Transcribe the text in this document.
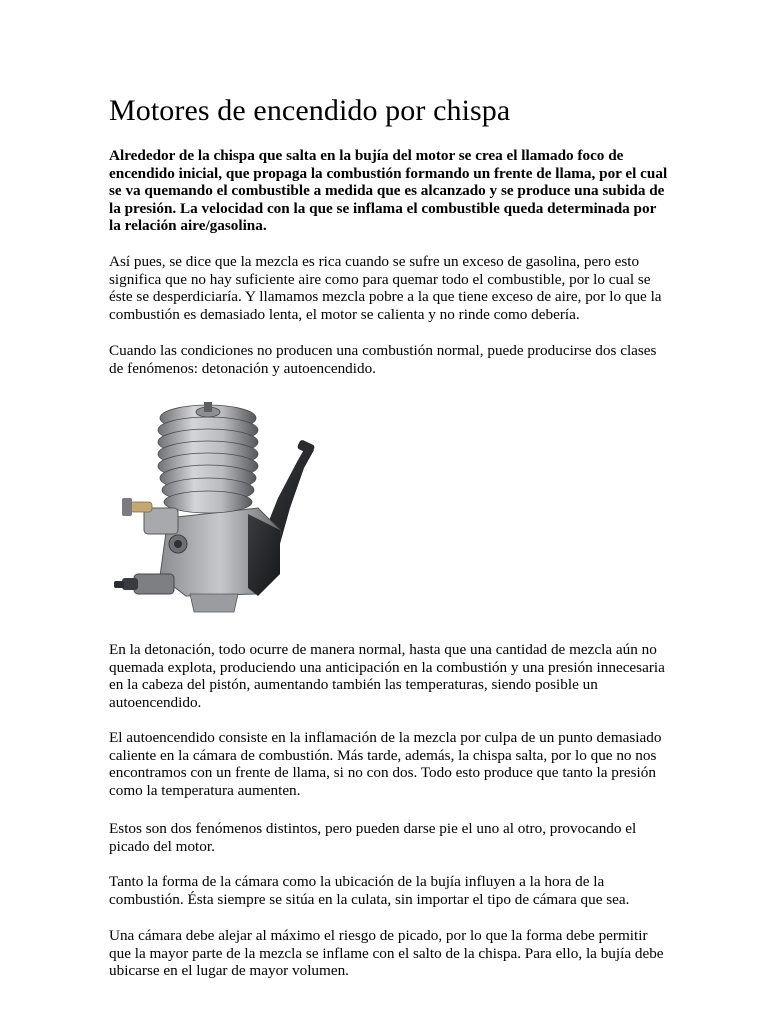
Motores de encendido por chispa

Alrededor de la chispa que salta en la bujía del motor se crea el llamado foco de encendido inicial, que propaga la combustión formando un frente de llama, por el cual se va quemando el combustible a medida que es alcanzado y se produce una subida de la presión. La velocidad con la que se inflama el combustible queda determinada por la relación aire/gasolina.

Así pues, se dice que la mezcla es rica cuando se sufre un exceso de gasolina, pero esto significa que no hay suficiente aire como para quemar todo el combustible, por lo cual se éste se desperdiciaría. Y llamamos mezcla pobre a la que tiene exceso de aire, por lo que la combustión es demasiado lenta, el motor se calienta y no rinde como debería.

Cuando las condiciones no producen una combustión normal, puede producirse dos clases de fenómenos: detonación y autoencendido.

En la detonación, todo ocurre de manera normal, hasta que una cantidad de mezcla aún no quemada explota, produciendo una anticipación en la combustión y una presión innecesaria en la cabeza del pistón, aumentando también las temperaturas, siendo posible un autoencendido.

El autoencendido consiste en la inflamación de la mezcla por culpa de un punto demasiado caliente en la cámara de combustión. Más tarde, además, la chispa salta, por lo que no nos encontramos con un frente de llama, si no con dos. Todo esto produce que tanto la presión como la temperatura aumenten.

Estos son dos fenómenos distintos, pero pueden darse pie el uno al otro, provocando el picado del motor.

Tanto la forma de la cámara como la ubicación de la bujía influyen a la hora de la combustión. Ésta siempre se sitúa en la culata, sin importar el tipo de cámara que sea.

Una cámara debe alejar al máximo el riesgo de picado, por lo que la forma debe permitir que la mayor parte de la mezcla se inflame con el salto de la chispa. Para ello, la bujía debe ubicarse en el lugar de mayor volumen.
